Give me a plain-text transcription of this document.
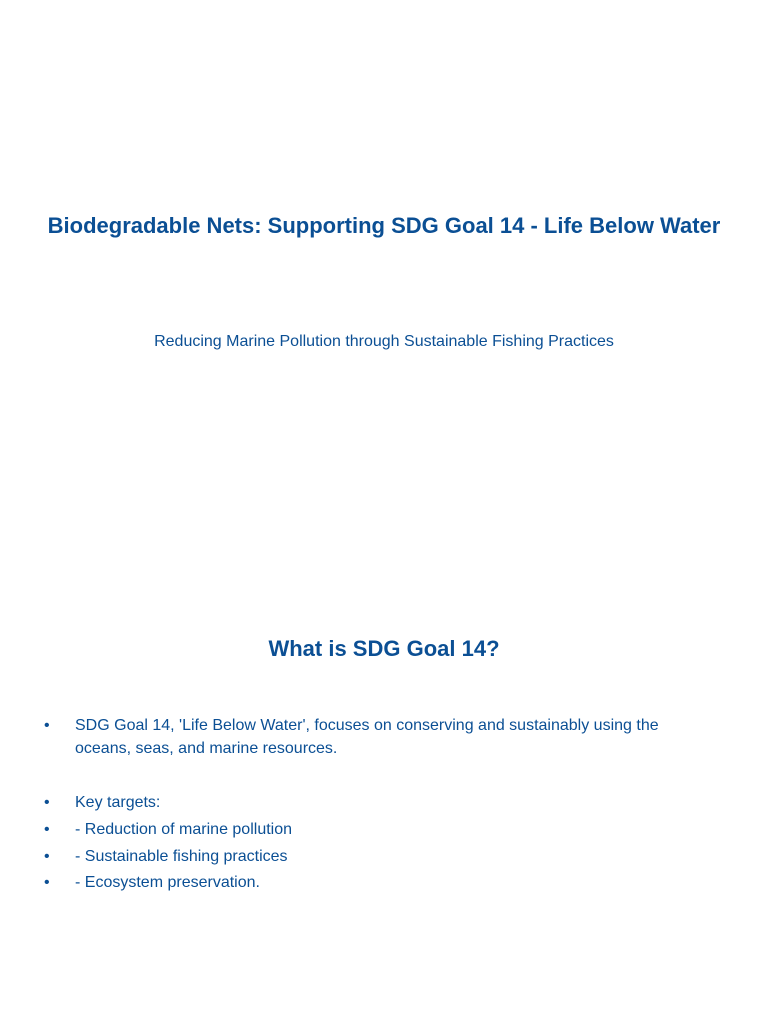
Biodegradable Nets: Supporting SDG Goal 14 - Life Below Water

Reducing Marine Pollution through Sustainable Fishing Practices

What is SDG Goal 14?
• SDG Goal 14, 'Life Below Water', focuses on conserving and sustainably using the oceans, seas, and marine resources.
• Key targets:
• - Reduction of marine pollution
• - Sustainable fishing practices
• - Ecosystem preservation.
